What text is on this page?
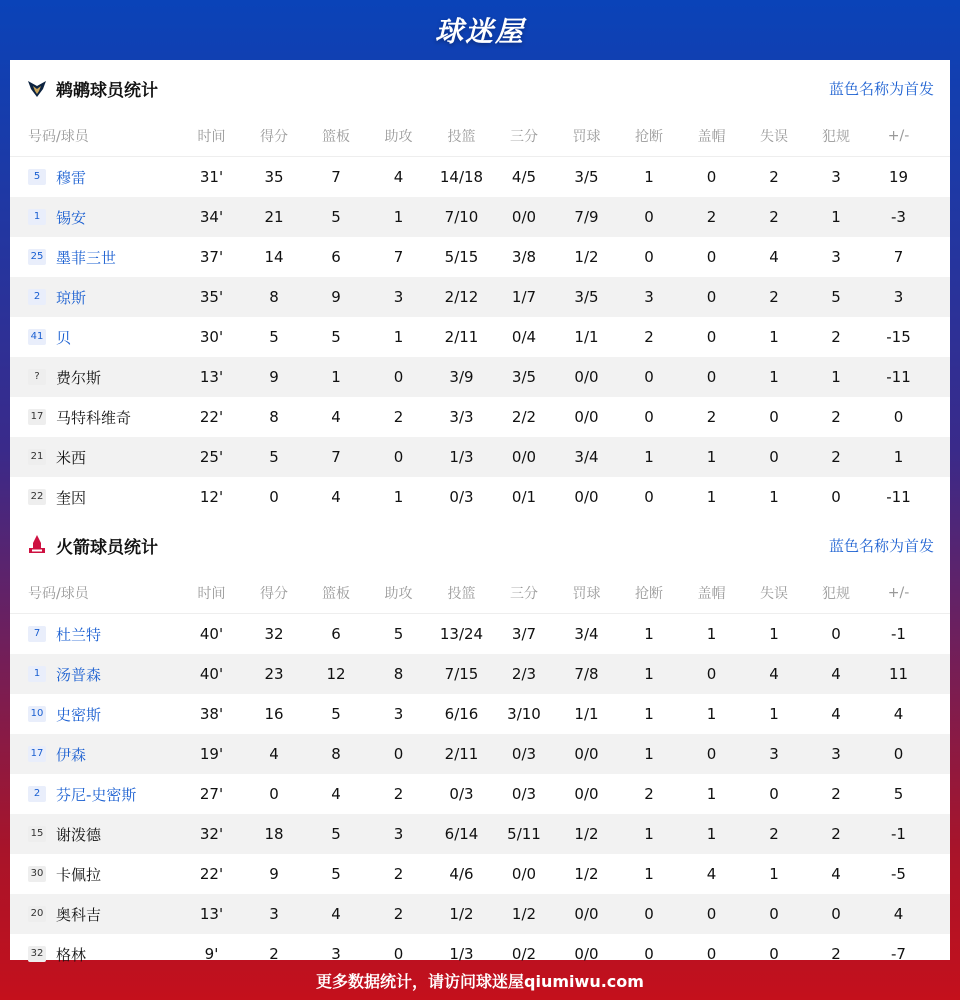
球迷屋
鹈鹕球员统计	蓝色名称为首发
号码/球员	时间	得分	篮板	助攻	投篮	三分	罚球	抢断	盖帽	失误	犯规	+/-
5	穆雷	31'	35	7	4	14/18	4/5	3/5	1	0	2	3	19
1	锡安	34'	21	5	1	7/10	0/0	7/9	0	2	2	1	-3
25 墨菲三世	37'	14	6	7	5/15	3/8	1/2	0	0	4	3	7
2	琼斯	35'	8	9	3	2/12	1/7	3/5	3	0	2	5	3
41 贝	30'	5	5	1	2/11	0/4	1/1	2	0	1	2	-15
?	费尔斯	13'	9	1	0	3/9	3/5	0/0	0	0	1	1	-11
17 马特科维奇	22'	8	4	2	3/3	2/2	0/0	0	2	0	2	0
21 米西	25'	5	7	0	1/3	0/0	3/4	1	1	0	2	1
22 奎因	12'	0	4	1	0/3	0/1	0/0	0	1	1	0	-11
火箭球员统计	蓝色名称为首发
号码/球员	时间	得分	篮板	助攻	投篮	三分	罚球	抢断	盖帽	失误	犯规	+/-
7	杜兰特	40'	32	6	5	13/24	3/7	3/4	1	1	1	0	-1
1	汤普森	40'	23	12	8	7/15	2/3	7/8	1	0	4	4	11
10 史密斯	38'	16	5	3	6/16	3/10	1/1	1	1	1	4	4
17 伊森	19'	4	8	0	2/11	0/3	0/0	1	0	3	3	0
2	芬尼-史密斯	27'	0	4	2	0/3	0/3	0/0	2	1	0	2	5
15 谢泼德	32'	18	5	3	6/14	5/11	1/2	1	1	2	2	-1
30 卡佩拉	22'	9	5	2	4/6	0/0	1/2	1	4	1	4	-5
20 奥科吉	13'	3	4	2	1/2	1/2	0/0	0	0	0	0	4
32 格林	9'	2	3	0	1/3	0/2	0/0	0	0	0	2	-7
更多数据统计，请访问球迷屋qiumiwu.com
